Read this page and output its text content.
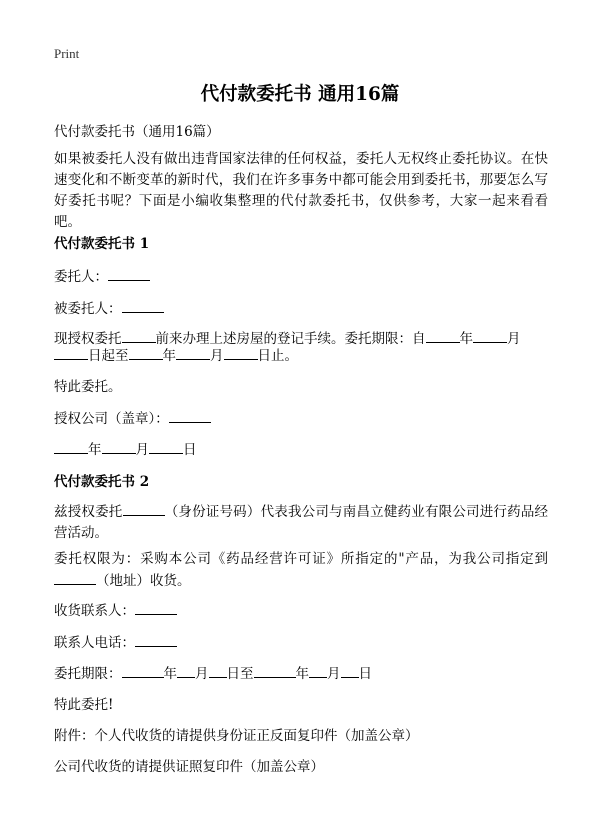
Print
代付款委托书 通用16篇
代付款委托书（通用16篇）
如果被委托人没有做出违背国家法律的任何权益，委托人无权终止委托协议。在快速变化和不断变革的新时代，我们在许多事务中都可能会用到委托书，那要怎么写好委托书呢？下面是小编收集整理的代付款委托书，仅供参考，大家一起来看看吧。
代付款委托书 1
委托人：
被委托人：
现授权委托	前来办理上述房屋的登记手续。委托期限：自	年	月
日起至	年	月	日止。
特此委托。
授权公司（盖章）：
年	月	日
代付款委托书 2
兹授权委托	（身份证号码）代表我公司与南昌立健药业有限公司进行药品经营活动。
委托权限为：采购本公司《药品经营许可证》所指定的"产品，为我公司指定到（地址）收货。
收货联系人：
联系人电话：
委托期限：	年 月 日至	年 月 日
特此委托!
附件：个人代收货的请提供身份证正反面复印件（加盖公章）
公司代收货的请提供证照复印件（加盖公章）
